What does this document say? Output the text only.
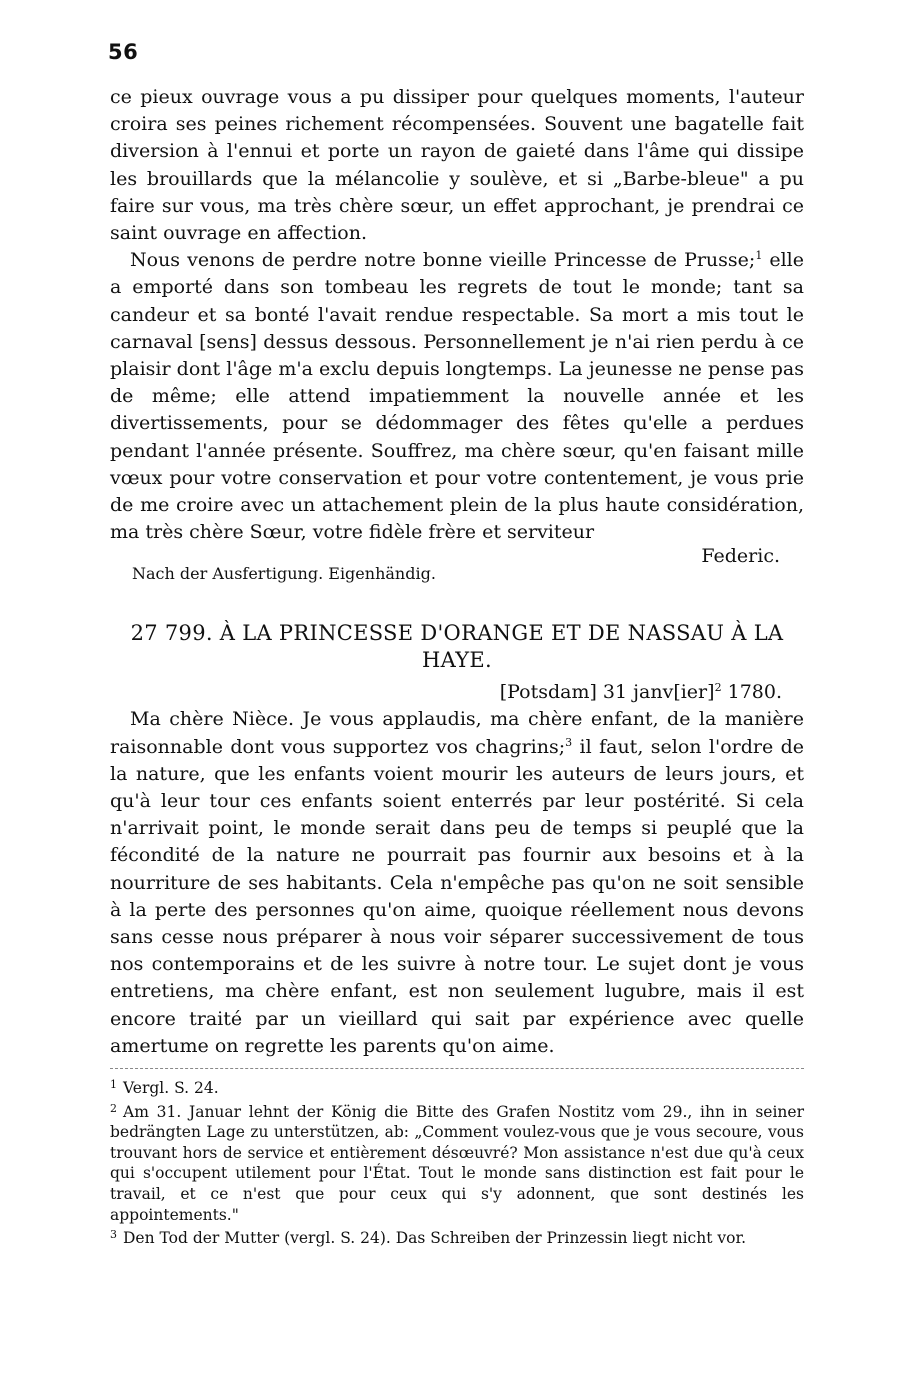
56

ce pieux ouvrage vous a pu dissiper pour quelques moments, l'auteur croira ses peines richement récompensées. Souvent une bagatelle fait diversion à l'ennui et porte un rayon de gaieté dans l'âme qui dissipe les brouillards que la mélancolie y soulève, et si „Barbe-bleue" a pu faire sur vous, ma très chère sœur, un effet approchant, je prendrai ce saint ouvrage en affection.

Nous venons de perdre notre bonne vieille Princesse de Prusse;$^1$ elle a emporté dans son tombeau les regrets de tout le monde; tant sa candeur et sa bonté l'avait rendue respectable. Sa mort a mis tout le carnaval [sens] dessus dessous. Personnellement je n'ai rien perdu à ce plaisir dont l'âge m'a exclu depuis longtemps. La jeunesse ne pense pas de même; elle attend impatiemment la nouvelle année et les divertissements, pour se dédommager des fêtes qu'elle a perdues pendant l'année présente. Souffrez, ma chère sœur, qu'en faisant mille vœux pour votre conservation et pour votre contentement, je vous prie de me croire avec un attachement plein de la plus haute considération, ma très chère Sœur, votre fidèle frère et serviteur

Federic.
Nach der Ausfertigung. Eigenhändig.
27 799. À LA PRINCESSE D'ORANGE ET DE NASSAU À LA HAYE.
[Potsdam] 31 janv[ier]$^2$ 1780.

Ma chère Nièce. Je vous applaudis, ma chère enfant, de la manière raisonnable dont vous supportez vos chagrins;$^3$ il faut, selon l'ordre de la nature, que les enfants voient mourir les auteurs de leurs jours, et qu'à leur tour ces enfants soient enterrés par leur postérité. Si cela n'arrivait point, le monde serait dans peu de temps si peuplé que la fécondité de la nature ne pourrait pas fournir aux besoins et à la nourriture de ses habitants. Cela n'empêche pas qu'on ne soit sensible à la perte des personnes qu'on aime, quoique réellement nous devons sans cesse nous préparer à nous voir séparer successivement de tous nos contemporains et de les suivre à notre tour. Le sujet dont je vous entretiens, ma chère enfant, est non seulement lugubre, mais il est encore traité par un vieillard qui sait par expérience avec quelle amertume on regrette les parents qu'on aime.

$^1$ Vergl. S. 24.

$^2$ Am 31. Januar lehnt der König die Bitte des Grafen Nostitz vom 29., ihn in seiner bedrängten Lage zu unterstützen, ab: „Comment voulez-vous que je vous secoure, vous trouvant hors de service et entièrement désœuvré? Mon assistance n'est due qu'à ceux qui s'occupent utilement pour l'État. Tout le monde sans distinction est fait pour le travail, et ce n'est que pour ceux qui s'y adonnent, que sont destinés les appointements."

$^3$ Den Tod der Mutter (vergl. S. 24). Das Schreiben der Prinzessin liegt nicht vor.
